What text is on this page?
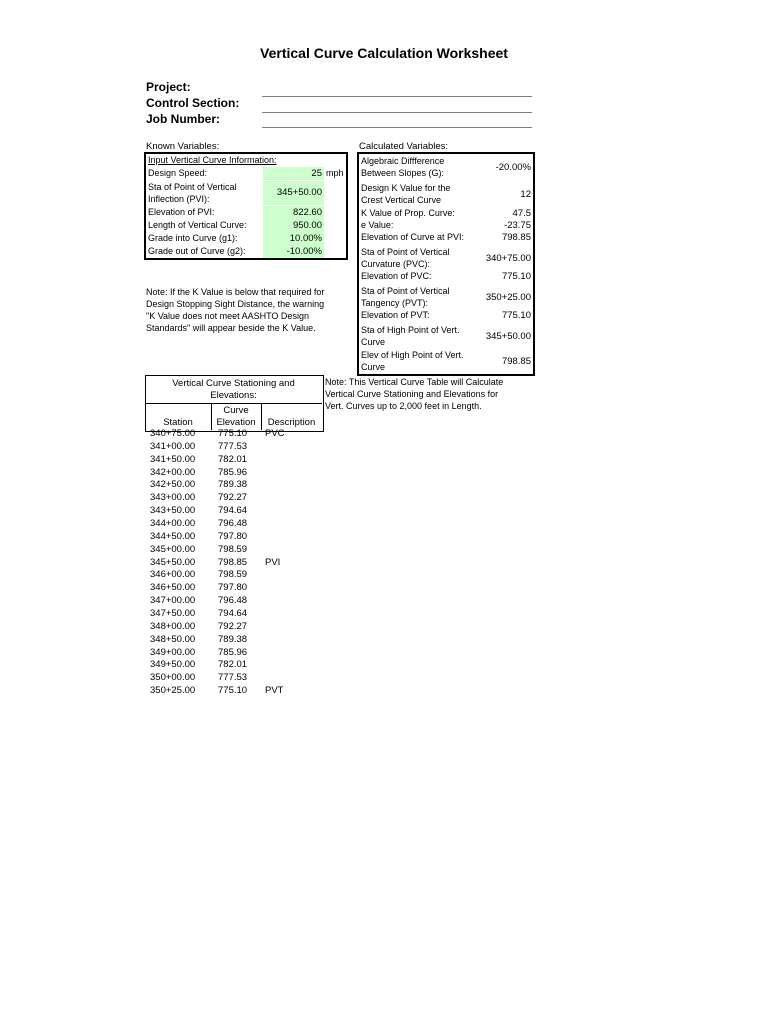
Vertical Curve Calculation Worksheet
Project:
Control Section:
Job Number:
Known Variables:	Calculated Variables:
Input Vertical Curve Information:
Design Speed:	25 mph
Sta of Point of Vertical
Inflection (PVI):
345+50.00
Elevation of PVI:	822.60
Length of Vertical Curve:	950.00
Grade into Curve (g1):	10.00%
Grade out of Curve (g2):	-10.00%
Algebraic Diffference
Between Slopes (G):	-20.00%
Design K Value for the
Crest Vertical Curve	12
K Value of Prop. Curve:	47.5
e Value:	-23.75
Elevation of Curve at PVI:	798.85
Sta of Point of Vertical
Curvature (PVC):	340+75.00
Elevation of PVC:	775.10
Sta of Point of Vertical
Tangency (PVT):	350+25.00
Elevation of PVT:	775.10
Sta of High Point of Vert.
Curve	345+50.00
Elev of High Point of Vert.
Curve	798.85
Note: If the K Value is below that required for
Design Stopping Sight Distance, the warning
"K Value does not meet AASHTO Design
Standards" will appear beside the K Value.
Note: This Vertical Curve Table will Calculate
Vertical Curve Stationing and Elevations for
Vert. Curves up to 2,000 feet in Length.
Vertical Curve Stationing and
Elevations:
Station
Curve
Elevation	Description
340+75.00 775.10 PVC
341+00.00 777.53
341+50.00 782.01
342+00.00 785.96
342+50.00 789.38
343+00.00 792.27
343+50.00 794.64
344+00.00 796.48
344+50.00 797.80
345+00.00 798.59
345+50.00 798.85 PVI
346+00.00 798.59
346+50.00 797.80
347+00.00 796.48
347+50.00 794.64
348+00.00 792.27
348+50.00 789.38
349+00.00 785.96
349+50.00 782.01
350+00.00 777.53
350+25.00 775.10 PVT
